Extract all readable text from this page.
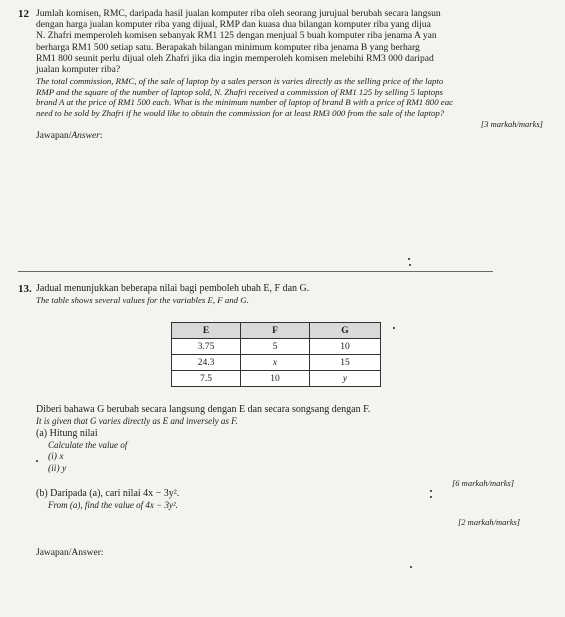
12 Jumlah komisen, RMC, daripada hasil jualan komputer riba oleh seorang jurujual berubah secara langsun
dengan harga jualan komputer riba yang dijual, RMP dan kuasa dua bilangan komputer riba yang dijua
N. Zhafri memperoleh komisen sebanyak RM1 125 dengan menjual 5 buah komputer riba jenama A yan
berharga RM1 500 setiap satu. Berapakah bilangan minimum komputer riba jenama B yang berharg
RM1 800 seunit perlu dijual oleh Zhafri jika dia ingin memperoleh komisen melebihi RM3 000 daripad
jualan komputer riba?
The total commission, RMC, of the sale of laptop by a sales person is varies directly as the selling price of the lapto
RMP and the square of the number of laptop sold, N. Zhafri received a commission of RM1 125 by selling 5 laptops
brand A at the price of RM1 500 each. What is the minimum number of laptop of brand B with a price of RM1 800 eac
need to be sold by Zhafri if he would like to obtain the commission for at least RM3 000 from the sale of the laptop?
[3 markah/marks]
Jawapan/Answer:
13. Jadual menunjukkan beberapa nilai bagi pemboleh ubah E, F dan G.
The table shows several values for the variables E, F and G.
E	F	G
3.75	5	10
24.3	x	15
7.5	10	y
Diberi bahawa G berubah secara langsung dengan E dan secara songsang dengan F.
It is given that G varies directly as E and inversely as F.
(a) Hitung nilai
Calculate the value of
(i) x
(ii) y
(b) Daripada (a), cari nilai 4x − 3y².
From (a), find the value of 4x − 3y².
[6 markah/marks]
[2 markah/marks]
Jawapan/Answer:
